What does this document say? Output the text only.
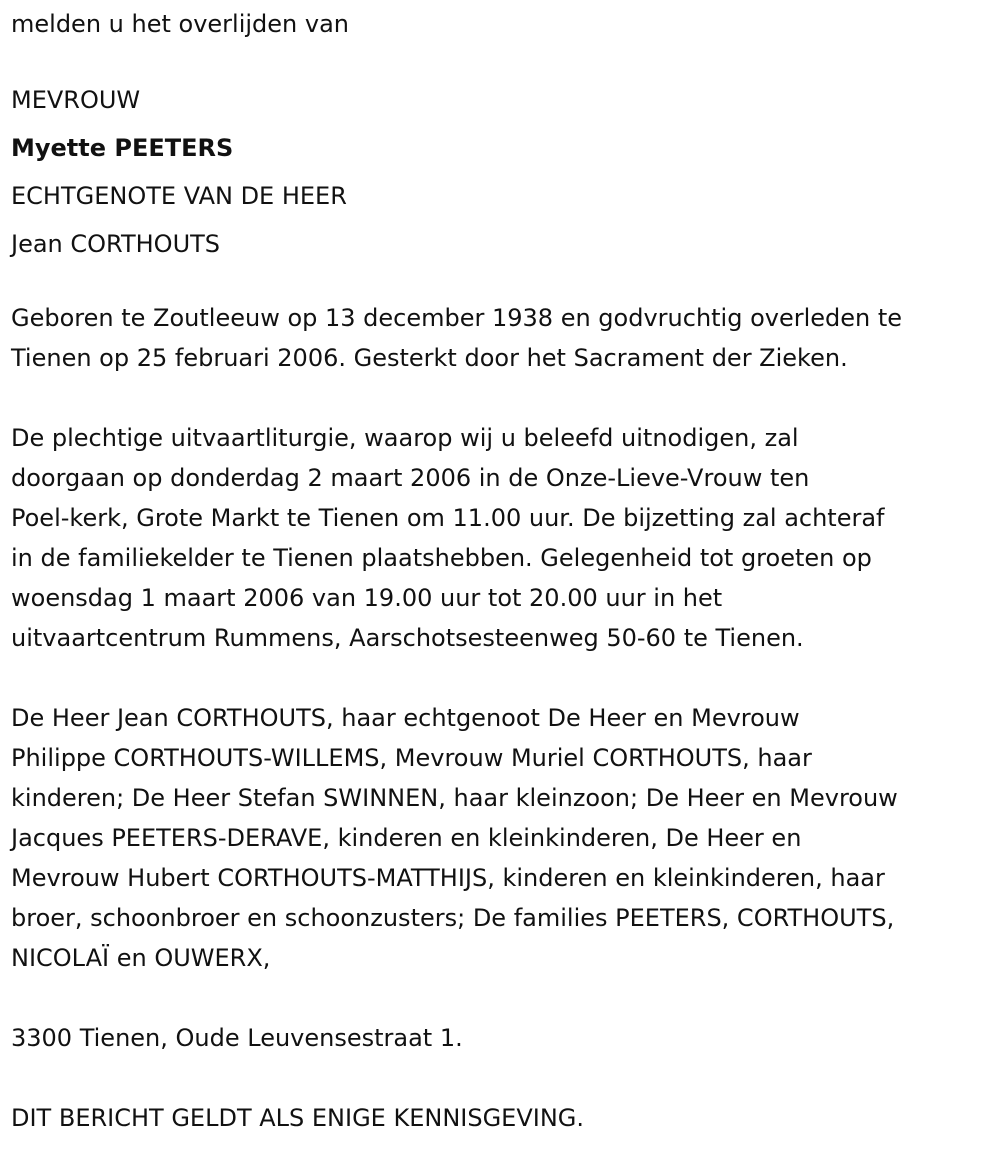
melden u het overlijden van

MEVROUW

Myette PEETERS

ECHTGENOTE VAN DE HEER

Jean CORTHOUTS

Geboren te Zoutleeuw op 13 december 1938 en godvruchtig overleden te

Tienen op 25 februari 2006. Gesterkt door het Sacrament der Zieken.

De plechtige uitvaartliturgie, waarop wij u beleefd uitnodigen, zal

doorgaan op donderdag 2 maart 2006 in de Onze-Lieve-Vrouw ten

Poel-kerk, Grote Markt te Tienen om 11.00 uur. De bijzetting zal achteraf

in de familiekelder te Tienen plaatshebben. Gelegenheid tot groeten op

woensdag 1 maart 2006 van 19.00 uur tot 20.00 uur in het

uitvaartcentrum Rummens, Aarschotsesteenweg 50-60 te Tienen.

De Heer Jean CORTHOUTS, haar echtgenoot De Heer en Mevrouw

Philippe CORTHOUTS-WILLEMS, Mevrouw Muriel CORTHOUTS, haar

kinderen; De Heer Stefan SWINNEN, haar kleinzoon; De Heer en Mevrouw

Jacques PEETERS-DERAVE, kinderen en kleinkinderen, De Heer en

Mevrouw Hubert CORTHOUTS-MATTHIJS, kinderen en kleinkinderen, haar

broer, schoonbroer en schoonzusters; De families PEETERS, CORTHOUTS,

NICOLAÏ en OUWERX,

3300 Tienen, Oude Leuvensestraat 1.

DIT BERICHT GELDT ALS ENIGE KENNISGEVING.
